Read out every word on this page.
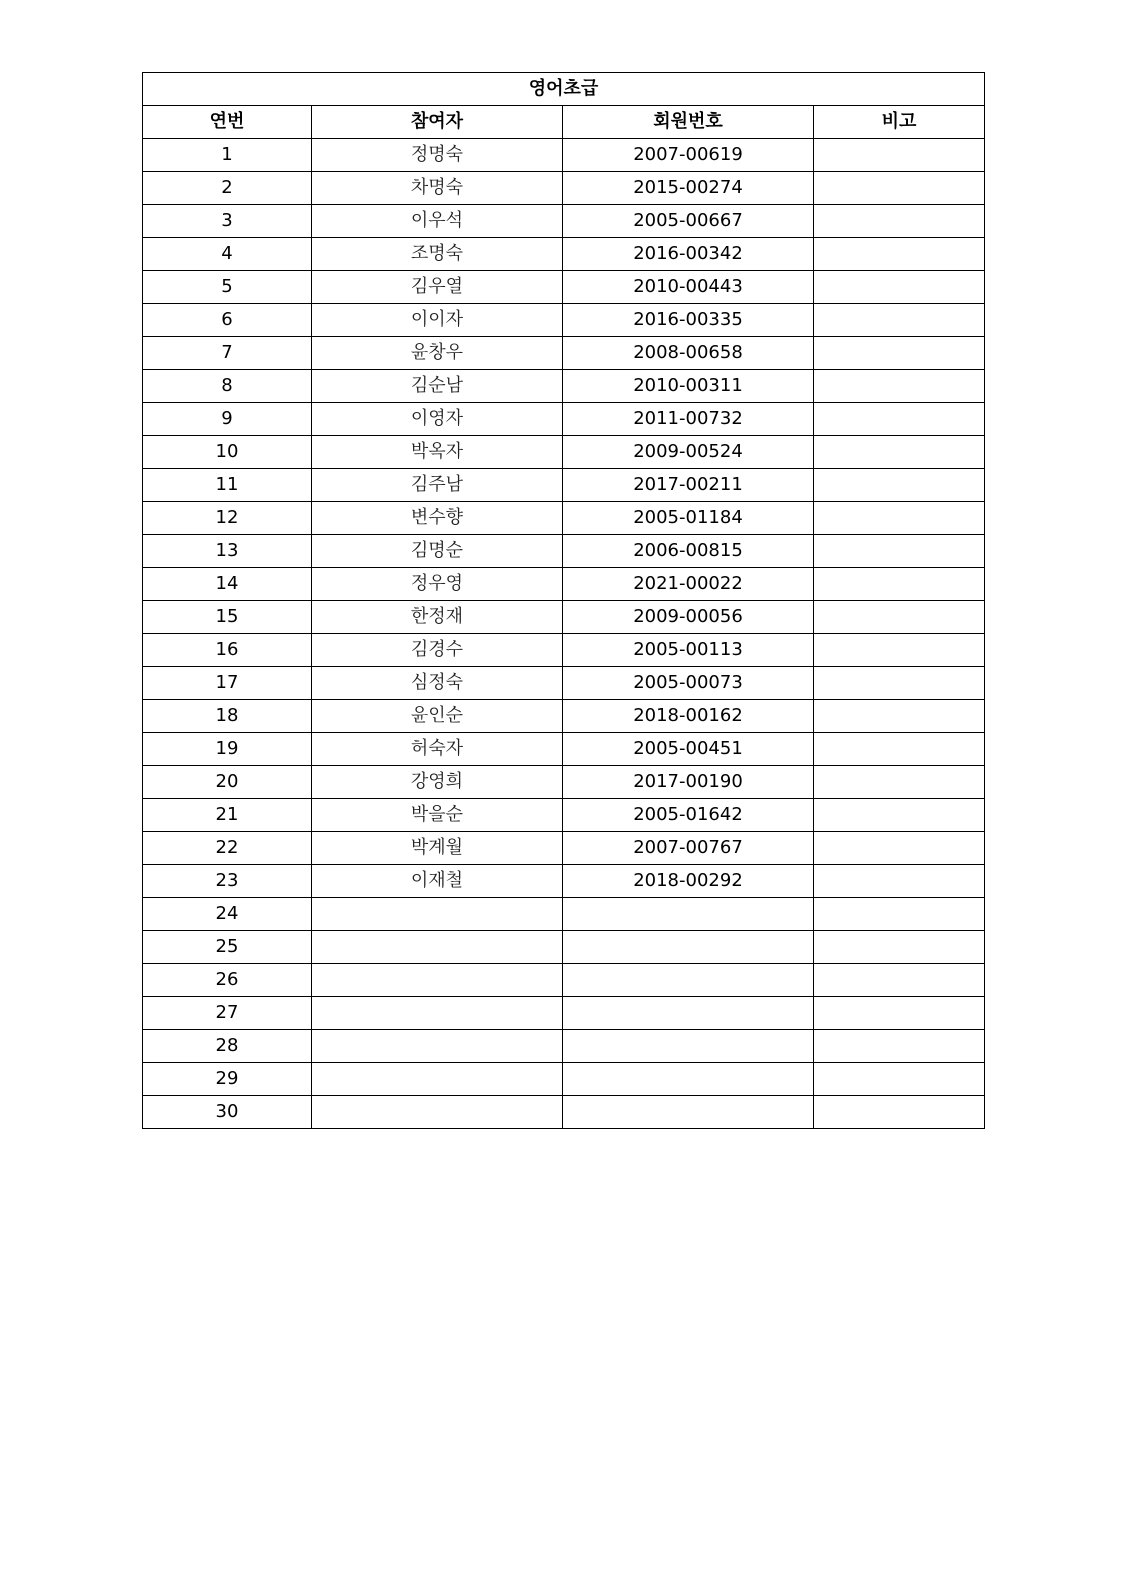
영어초급			
연번	참여자	회원번호	비고
1	정명숙	2007-00619	
2	차명숙	2015-00274	
3	이우석	2005-00667	
4	조명숙	2016-00342	
5	김우열	2010-00443	
6	이이자	2016-00335	
7	윤창우	2008-00658	
8	김순남	2010-00311	
9	이영자	2011-00732	
10	박옥자	2009-00524	
11	김주남	2017-00211	
12	변수향	2005-01184	
13	김명순	2006-00815	
14	정우영	2021-00022	
15	한정재	2009-00056	
16	김경수	2005-00113	
17	심정숙	2005-00073	
18	윤인순	2018-00162	
19	허숙자	2005-00451	
20	강영희	2017-00190	
21	박을순	2005-01642	
22	박계월	2007-00767	
23	이재철	2018-00292	
24			
25			
26			
27			
28			
29			
30			
